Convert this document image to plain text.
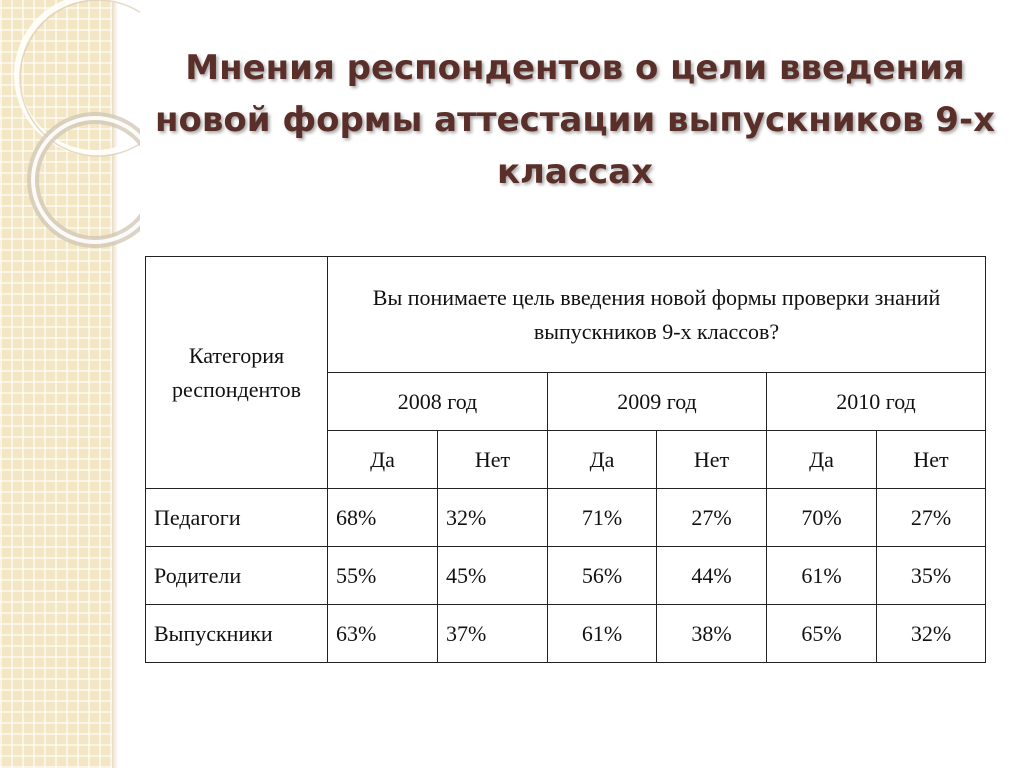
Мнения респондентов о цели введения новой формы аттестации выпускников 9-х классах
Категория респондентов	Вы понимаете цель введения новой формы проверки знаний выпускников 9-х классов?					
	2008 год		2009 год		2010 год	
	Да	Нет	Да	Нет	Да	Нет
Педагоги	68%	32%	71%	27%	70%	27%
Родители	55%	45%	56%	44%	61%	35%
Выпускники	63%	37%	61%	38%	65%	32%
